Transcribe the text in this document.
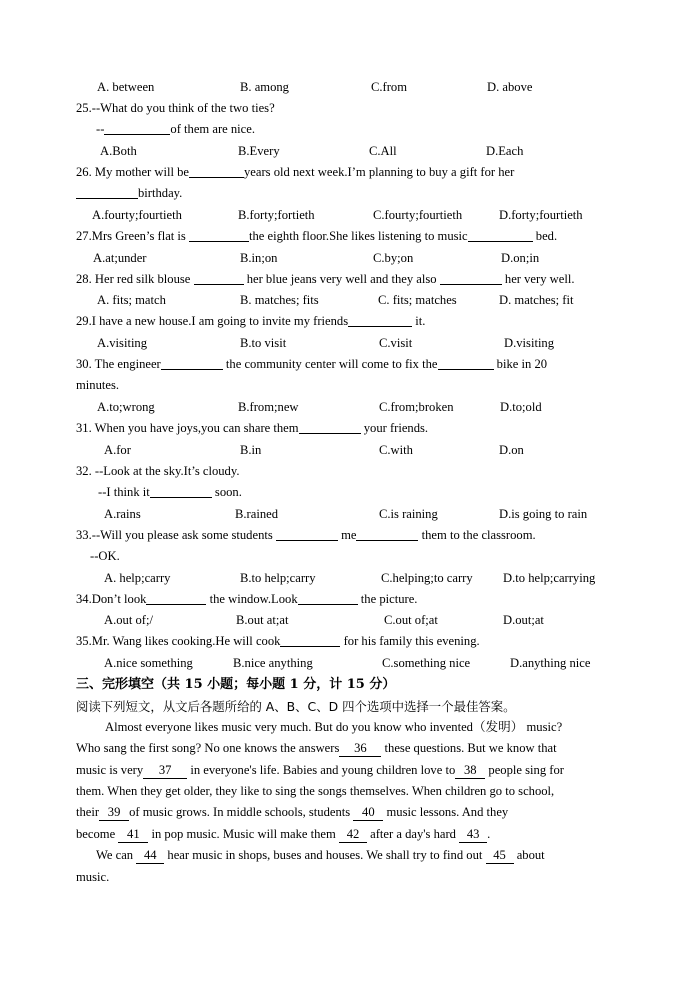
A. between	B. among	C.from	D. above
25.--What do you think of the two ties?
--	of them are nice.
A.Both	B.Every	C.All	D.Each
26. My mother will be	years old next week.I’m planning to buy a gift for her
birthday.
A.fourty;fourtieth	B.forty;fortieth	C.fourty;fourtieth	D.forty;fourtieth
27.Mrs Green’s flat is	the eighth floor.She likes listening to music	bed.
A.at;under	B.in;on	C.by;on	D.on;in
28. Her red silk blouse	her blue jeans very well and they also	her very well.
A. fits; match	B. matches; fits	C. fits; matches	D. matches; fit
29.I have a new house.I am going to invite my friends	it.
A.visiting	B.to visit	C.visit	D.visiting
30. The engineer	the community center will come to fix the	bike in 20
minutes.
A.to;wrong	B.from;new	C.from;broken	D.to;old
31. When you have joys,you can share them	your friends.
A.for	B.in	C.with	D.on
32. --Look at the sky.It’s cloudy.
--I think it	soon.
A.rains	B.rained	C.is raining	D.is going to rain
33.--Will you please ask some students	me	them to the classroom.
--OK.
A. help;carry	B.to help;carry	C.helping;to carry D.to help;carrying
34.Don’t look	the window.Look	the picture.
A.out of;/	B.out at;at	C.out of;at	D.out;at
35.Mr. Wang likes cooking.He will cook	for his family this evening.
A.nice something	B.nice anything	C.something nice	D.anything nice
三、完形填空（共 15 小题；每小题 1 分，计 15 分）
阅读下列短文，从文后各题所给的 A、B、C、D 四个选项中选择一个最佳答案。
Almost everyone likes music very much. But do you know who invented（发明） music?
Who sang the first song? No one knows the answers 36 these questions. But we know that
music is very 37 in everyone's life. Babies and young children love to 38 people sing for
them. When they get older, they like to sing the songs themselves. When children go to school,
their 39 of music grows. In middle schools, students 40 music lessons. And they
become 41 in pop music. Music will make them 42 after a day's hard 43 .
We can 44 hear music in shops, buses and houses. We shall try to find out 45 about
music.
